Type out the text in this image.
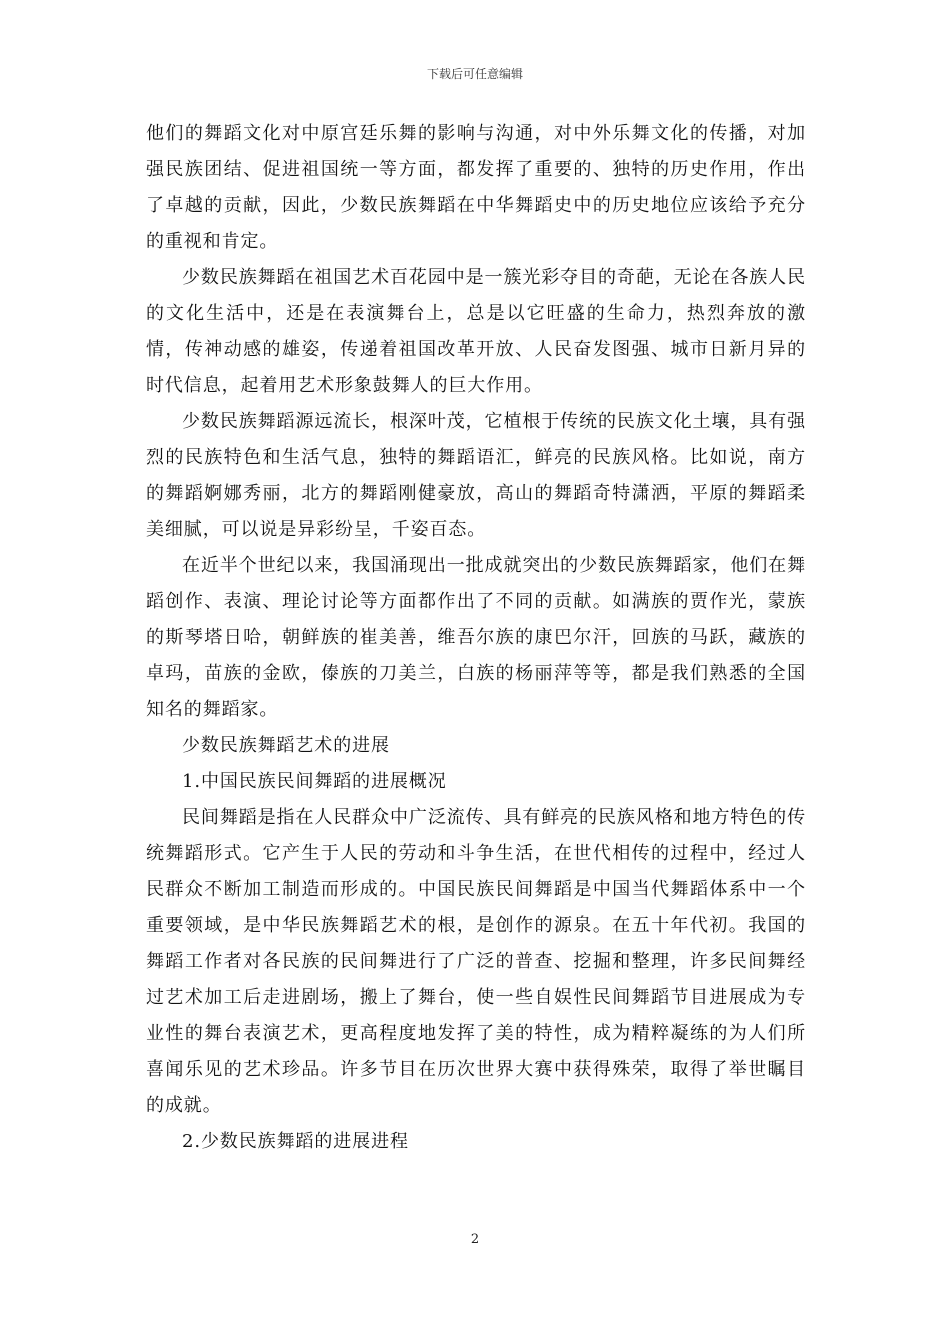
下载后可任意编辑

他们的舞蹈文化对中原宫廷乐舞的影响与沟通，对中外乐舞文化的传播，对加强民族团结、促进祖国统一等方面，都发挥了重要的、独特的历史作用，作出了卓越的贡献，因此，少数民族舞蹈在中华舞蹈史中的历史地位应该给予充分的重视和肯定。

少数民族舞蹈在祖国艺术百花园中是一簇光彩夺目的奇葩，无论在各族人民的文化生活中，还是在表演舞台上，总是以它旺盛的生命力，热烈奔放的激情，传神动感的雄姿，传递着祖国改革开放、人民奋发图强、城市日新月异的时代信息，起着用艺术形象鼓舞人的巨大作用。

少数民族舞蹈源远流长，根深叶茂，它植根于传统的民族文化土壤，具有强烈的民族特色和生活气息，独特的舞蹈语汇，鲜亮的民族风格。比如说，南方的舞蹈婀娜秀丽，北方的舞蹈刚健豪放，高山的舞蹈奇特潇洒，平原的舞蹈柔美细腻，可以说是异彩纷呈，千姿百态。

在近半个世纪以来，我国涌现出一批成就突出的少数民族舞蹈家，他们在舞蹈创作、表演、理论讨论等方面都作出了不同的贡献。如满族的贾作光，蒙族的斯琴塔日哈，朝鲜族的崔美善，维吾尔族的康巴尔汗，回族的马跃，藏族的卓玛，苗族的金欧，傣族的刀美兰，白族的杨丽萍等等，都是我们熟悉的全国知名的舞蹈家。

少数民族舞蹈艺术的进展

1.中国民族民间舞蹈的进展概况

民间舞蹈是指在人民群众中广泛流传、具有鲜亮的民族风格和地方特色的传统舞蹈形式。它产生于人民的劳动和斗争生活，在世代相传的过程中，经过人民群众不断加工制造而形成的。中国民族民间舞蹈是中国当代舞蹈体系中一个重要领域，是中华民族舞蹈艺术的根，是创作的源泉。在五十年代初。我国的舞蹈工作者对各民族的民间舞进行了广泛的普查、挖掘和整理，许多民间舞经过艺术加工后走进剧场，搬上了舞台，使一些自娱性民间舞蹈节目进展成为专业性的舞台表演艺术，更高程度地发挥了美的特性，成为精粹凝练的为人们所喜闻乐见的艺术珍品。许多节目在历次世界大赛中获得殊荣，取得了举世瞩目的成就。

2.少数民族舞蹈的进展进程

2
